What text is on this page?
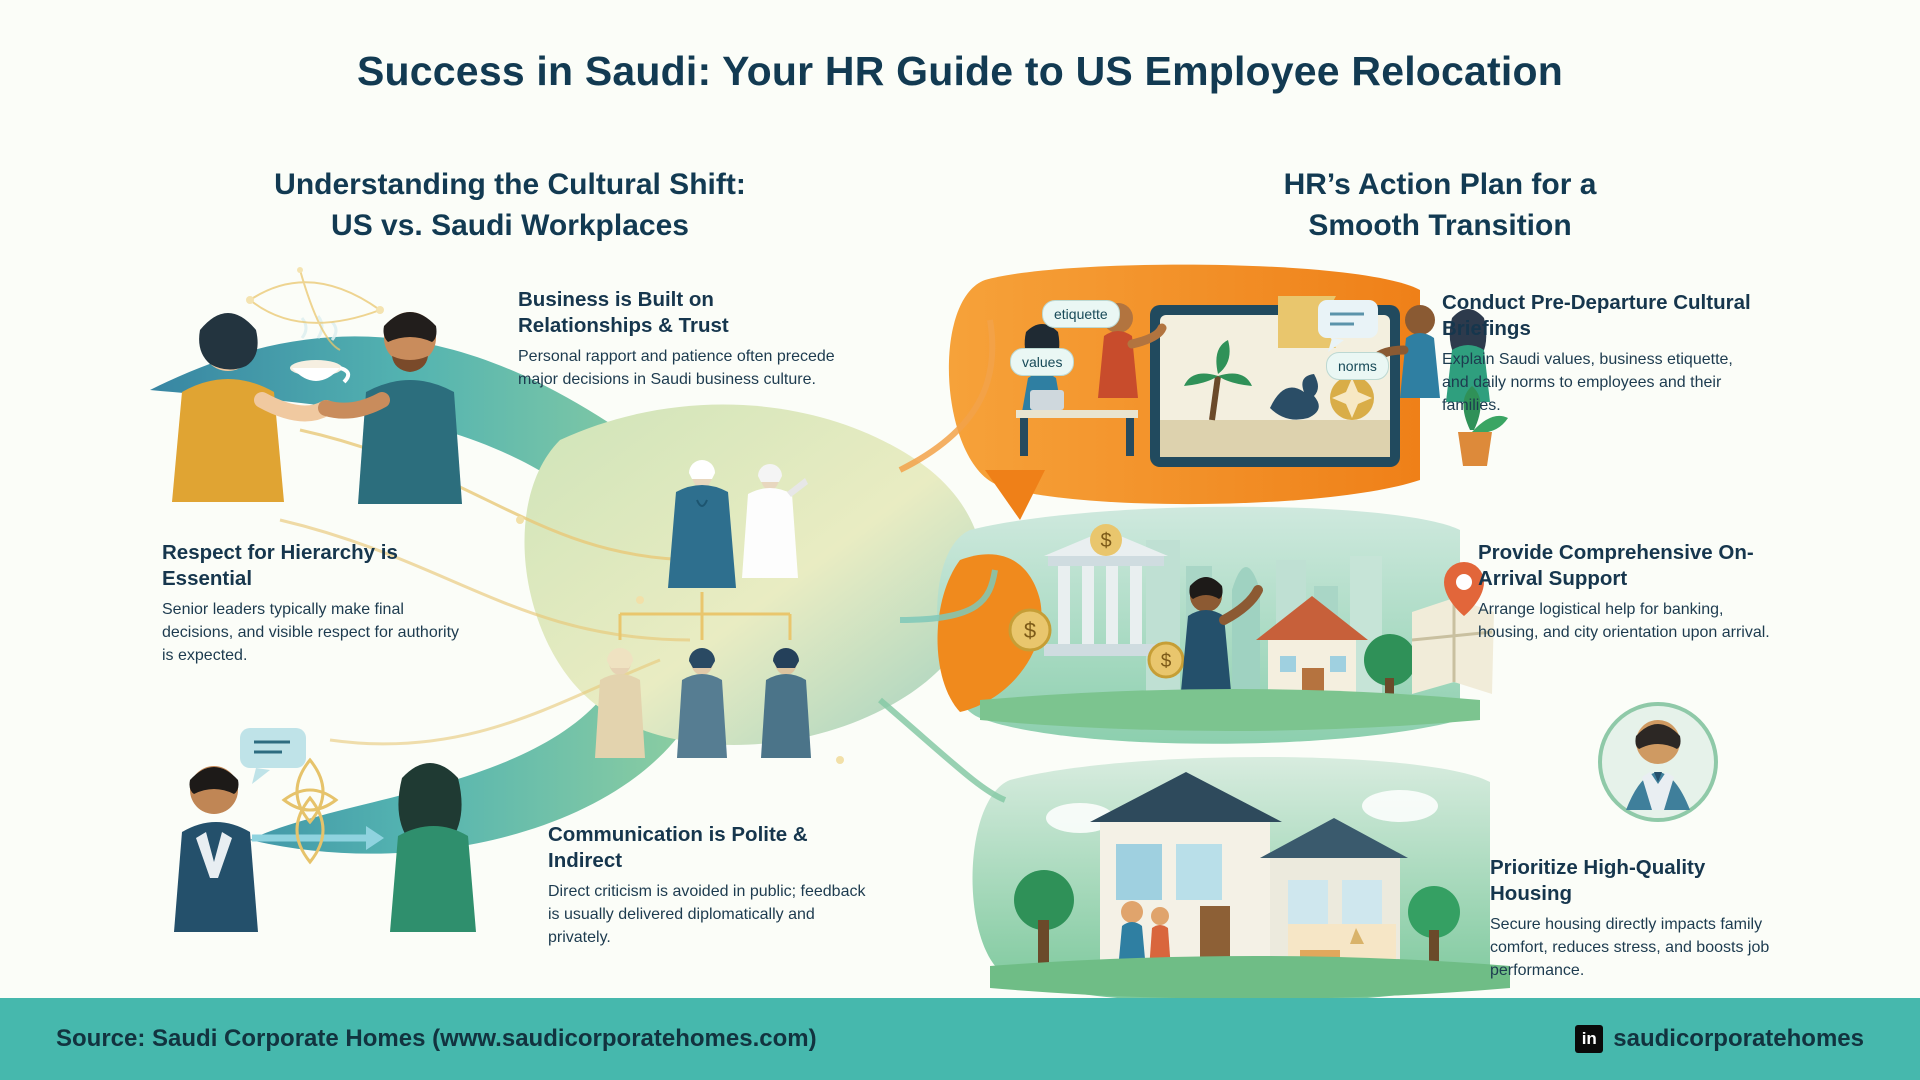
$
$
$
Success in Saudi: Your HR Guide to US Employee Relocation
Understanding the Cultural Shift:
US vs. Saudi Workplaces
HR’s Action Plan for a
Smooth Transition
Business is Built on Relationships & Trust
Personal rapport and patience often precede major decisions in Saudi business culture.
Respect for Hierarchy is Essential
Senior leaders typically make final decisions, and visible respect for authority is expected.
Communication is Polite & Indirect
Direct criticism is avoided in public; feedback is usually delivered diplomatically and privately.
Conduct Pre-Departure Cultural Briefings
Explain Saudi values, business etiquette, and daily norms to employees and their families.
Provide Comprehensive On-Arrival Support
Arrange logistical help for banking, housing, and city orientation upon arrival.
Prioritize High-Quality Housing
Secure housing directly impacts family comfort, reduces stress, and boosts job performance.
etiquette
values	norms
Source: Saudi Corporate Homes (www.saudicorporatehomes.com)	in saudicorporatehomes
